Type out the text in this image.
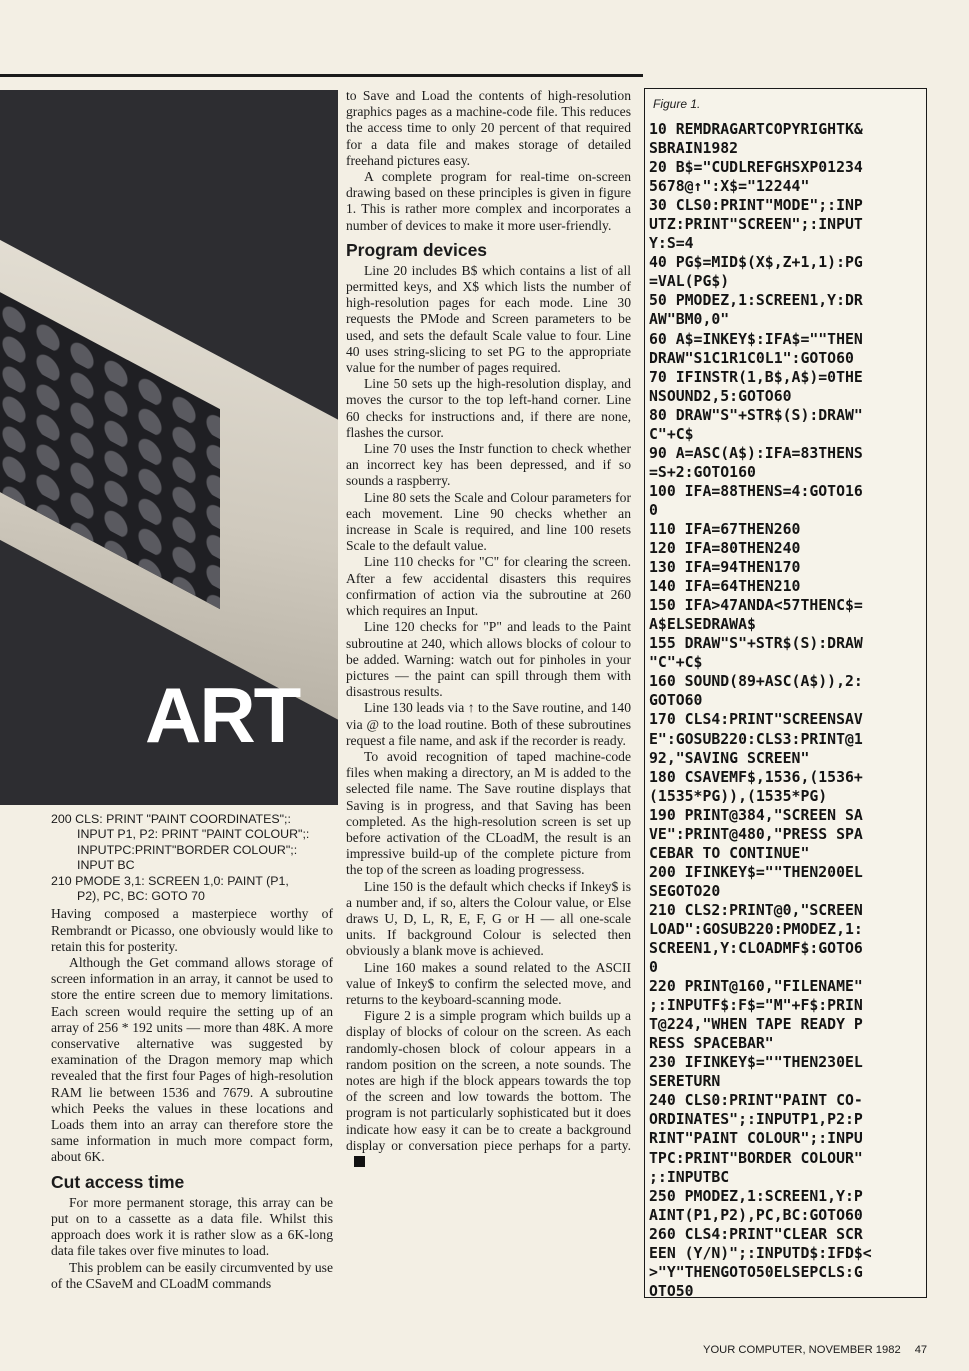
ART
200 CLS: PRINT "PAINT COORDINATES";:
INPUT P1, P2: PRINT "PAINT COLOUR";:
INPUTPC:PRINT"BORDER COLOUR";:
INPUT BC
210 PMODE 3,1: SCREEN 1,0: PAINT (P1,
P2), PC, BC: GOTO 70

Having composed a masterpiece worthy of Rembrandt or Picasso, one obviously would like to retain this for posterity.

Although the Get command allows storage of screen information in an array, it cannot be used to store the entire screen due to memory limitations. Each screen would require the setting up of an array of 256 * 192 units — more than 48K. A more conservative alternative was suggested by examination of the Dragon memory map which revealed that the first four Pages of high-resolution RAM lie between 1536 and 7679. A subroutine which Peeks the values in these locations and Loads them into an array can therefore store the same information in much more compact form, about 6K.

Cut access time

For more permanent storage, this array can be put on to a cassette as a data file. Whilst this approach does work it is rather slow as a 6K-long data file takes over five minutes to load.

This problem can be easily circumvented by use of the CSaveM and CLoadM commands

to Save and Load the contents of high-resolution graphics pages as a machine-code file. This reduces the access time to only 20 percent of that required for a data file and makes storage of detailed freehand pictures easy.

A complete program for real-time on-screen drawing based on these principles is given in figure 1. This is rather more complex and incorporates a number of devices to make it more user-friendly.

Program devices

Line 20 includes B$ which contains a list of all permitted keys, and X$ which lists the number of high-resolution pages for each mode. Line 30 requests the PMode and Screen parameters to be used, and sets the default Scale value to four. Line 40 uses string-slicing to set PG to the appropriate value for the number of pages required.

Line 50 sets up the high-resolution display, and moves the cursor to the top left-hand corner. Line 60 checks for instructions and, if there are none, flashes the cursor.

Line 70 uses the Instr function to check whether an incorrect key has been depressed, and if so sounds a raspberry.

Line 80 sets the Scale and Colour parameters for each movement. Line 90 checks whether an increase in Scale is required, and line 100 resets Scale to the default value.

Line 110 checks for "C" for clearing the screen. After a few accidental disasters this requires confirmation of action via the subroutine at 260 which requires an Input.

Line 120 checks for "P" and leads to the Paint subroutine at 240, which allows blocks of colour to be added. Warning: watch out for pinholes in your pictures — the paint can spill through them with disastrous results.

Line 130 leads via ↑ to the Save routine, and 140 via @ to the load routine. Both of these subroutines request a file name, and ask if the recorder is ready.

To avoid recognition of taped machine-code files when making a directory, an M is added to the selected file name. The Save routine displays that Saving is in progress, and that Saving has been completed. As the high-resolution screen is set up before activation of the CLoadM, the result is an impressive build-up of the complete picture from the top of the screen as loading progressess.

Line 150 is the default which checks if Inkey$ is a number and, if so, alters the Colour value, or Else draws U, D, L, R, E, F, G or H — all one-scale units. If background Colour is selected then obviously a blank move is achieved.

Line 160 makes a sound related to the ASCII value of Inkey$ to confirm the selected move, and returns to the keyboard-scanning mode.

Figure 2 is a simple program which builds up a display of blocks of colour on the screen. As each randomly-chosen block of colour appears in a random position on the screen, a note sounds. The notes are high if the block appears towards the top of the screen and low towards the bottom. The program is not particularly sophisticated but it does indicate how easy it can be to create a background display or conversation piece perhaps for a party.

Figure 1.
10 REMDRAGARTCOPYRIGHTK&
SBRAIN1982
20 B$="CUDLREFGHSXP01234
5678@↑":X$="12244"
30 CLS0:PRINT"MODE";:INP
UTZ:PRINT"SCREEN";:INPUT
Y:S=4
40 PG$=MID$(X$,Z+1,1):PG
=VAL(PG$)
50 PMODEZ,1:SCREEN1,Y:DR
AW"BM0,0"
60 A$=INKEY$:IFA$=""THEN
DRAW"S1C1R1C0L1":GOTO60
70 IFINSTR(1,B$,A$)=0THE
NSOUND2,5:GOTO60
80 DRAW"S"+STR$(S):DRAW"
C"+C$
90 A=ASC(A$):IFA=83THENS
=S+2:GOTO160
100 IFA=88THENS=4:GOTO16
0
110 IFA=67THEN260
120 IFA=80THEN240
130 IFA=94THEN170
140 IFA=64THEN210
150 IFA>47ANDA<57THENC$=
A$ELSEDRAWA$
155 DRAW"S"+STR$(S):DRAW
"C"+C$
160 SOUND(89+ASC(A$)),2:
GOTO60
170 CLS4:PRINT"SCREENSAV
E":GOSUB220:CLS3:PRINT@1
92,"SAVING SCREEN"
180 CSAVEMF$,1536,(1536+
(1535*PG)),(1535*PG)
190 PRINT@384,"SCREEN SA
VE":PRINT@480,"PRESS SPA
CEBAR TO CONTINUE"
200 IFINKEY$=""THEN200EL
SEGOTO20
210 CLS2:PRINT@0,"SCREEN
LOAD":GOSUB220:PMODEZ,1:
SCREEN1,Y:CLOADMF$:GOTO6
0
220 PRINT@160,"FILENAME"
;:INPUTF$:F$="M"+F$:PRIN
T@224,"WHEN TAPE READY P
RESS SPACEBAR"
230 IFINKEY$=""THEN230EL
SERETURN
240 CLS0:PRINT"PAINT CO-
ORDINATES";:INPUTP1,P2:P
RINT"PAINT COLOUR";:INPU
TPC:PRINT"BORDER COLOUR"
;:INPUTBC
250 PMODEZ,1:SCREEN1,Y:P
AINT(P1,P2),PC,BC:GOTO60
260 CLS4:PRINT"CLEAR SCR
EEN (Y/N)";:INPUTD$:IFD$<
>"Y"THENGOTO50ELSEPCLS:G
OTO50
YOUR COMPUTER, NOVEMBER 1982 47
